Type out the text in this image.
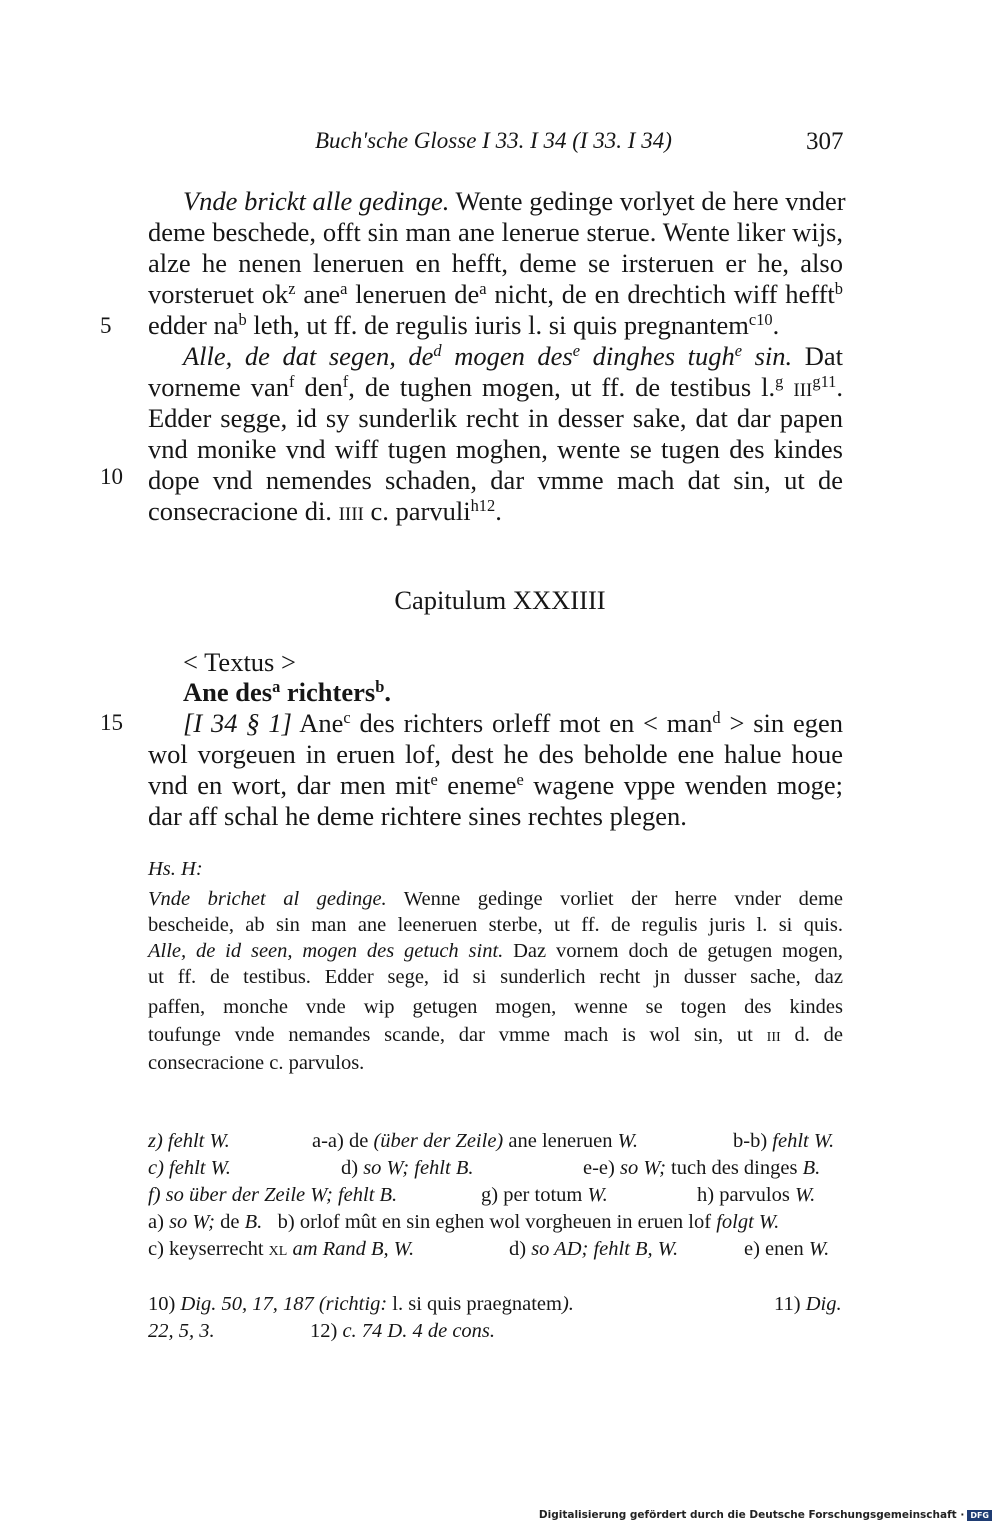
Buch'sche Glosse I 33. I 34 (I 33. I 34)	307
5
10
15
Vnde brickt alle gedinge. Wente gedinge vorlyet de here vnder
deme beschede, offt sin man ane lenerue sterue. Wente liker wijs,
alze he nenen leneruen en hefft, deme se irsteruen er he, also
vorsteruet $ok^z$ ane$^a$ leneruen $de^a$ nicht, de en drechtich wiff hefft$^b$
edder $na^b$ leth, ut ff. de regulis iuris l. si quis pregnantem$^{c10}$.
Alle, de dat segen, $de^d$ mogen des$^e$ dinghes tugh$^e$ sin. Dat
vorneme van$^f$ den$^f$, de tughen mogen, ut ff. de testibus l.$^g$ iii$^{g11}$.
Edder segge, id sy sunderlik recht in desser sake, dat dar papen
vnd monike vnd wiff tugen moghen, wente se tugen des kindes
dope vnd nemendes schaden, dar vmme mach dat sin, ut de
consecracione di. iiii c. parvuli$^{h12}$.
Capitulum XXXIIII
< Textus >
Ane des$^a$ richters$^b$.
[I 34 § 1] Ane$^c$ des richters orleff mot en < man$^d$ > sin egen
wol vorgeuen in eruen lof, dest he des beholde ene halue houe
vnd en wort, dar men mit$^e$ eneme$^e$ wagene vppe wenden moge;
dar aff schal he deme richtere sines rechtes plegen.
Hs. H:
Vnde brichet al gedinge. Wenne gedinge vorliet der herre vnder deme
bescheide, ab sin man ane leeneruen sterbe, ut ff. de regulis juris l. si quis.
Alle, de id seen, mogen des getuch sint. Daz vornem doch de getugen mogen,
ut ff. de testibus. Edder sege, id si sunderlich recht jn dusser sache, daz
paffen, monche vnde wip getugen mogen, wenne se togen des kindes
toufunge vnde nemandes scande, dar vmme mach is wol sin, ut iii d. de
consecracione c. parvulos.
z) fehlt W.	a-a) de (über der Zeile) ane leneruen W.	b-b) fehlt W.
c) fehlt W.	d) so W; fehlt B.	e-e) so W; tuch des dinges B.
f) so über der Zeile W; fehlt B.	g) per totum W.	h) parvulos W.
a) so W; de B.   b) orlof mût en sin eghen wol vorgheuen in eruen lof folgt W.
c) keyserrecht xl am Rand B, W.	d) so AD; fehlt B, W.	e) enen W.
10) Dig. 50, 17, 187 (richtig: l. si quis praegnatem).	11) Dig.
22, 5, 3.	12) c. 74 D. 4 de cons.
Digitalisierung gefördert durch die Deutsche Forschungsgemeinschaft · DFG
